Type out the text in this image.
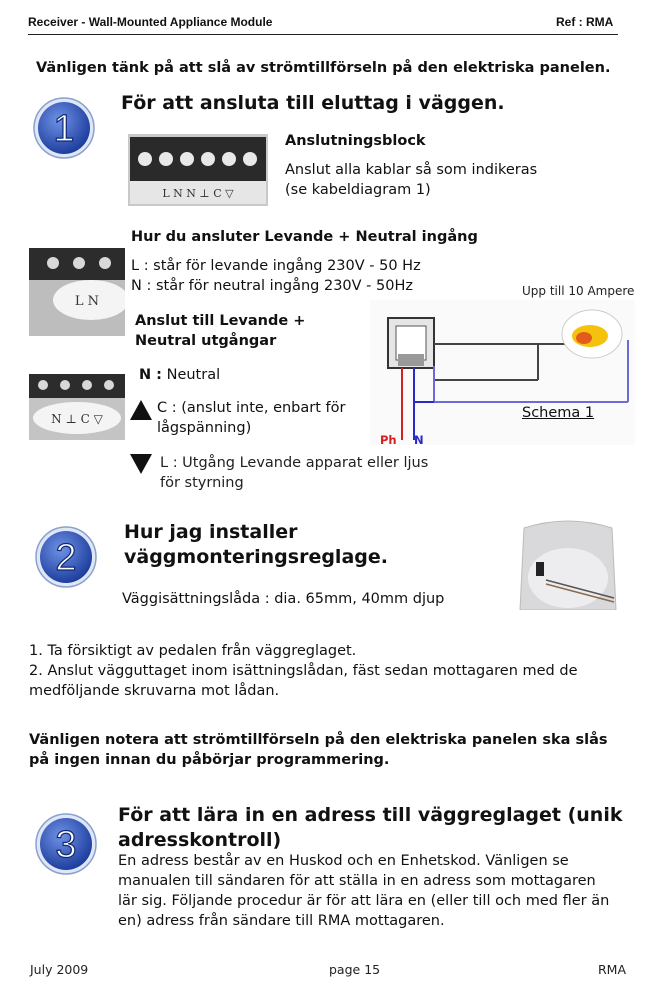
Receiver - Wall-Mounted Appliance Module	Ref : RMA
Vänligen tänk på att slå av strömtillförseln på den elektriska panelen.
1
För att ansluta till eluttag i väggen.
L N N ⊥ C ▽
Anslutningsblock
Anslut alla kablar så som indikeras
(se kabeldiagram 1)
Hur du ansluter Levande + Neutral ingång
L N
L : står för levande ingång 230V - 50 Hz
N : står för neutral ingång 230V - 50Hz
Anslut till Levande +
Neutral utgångar
N ⊥ C ▽
N : Neutral
C : (anslut inte, enbart för
lågspänning)
L : Utgång Levande apparat eller ljus
för styrning
Upp till 10 Ampere
Schema 1
Ph N
2
Hur jag installer
väggmonteringsreglage.
Väggisättningslåda : dia. 65mm, 40mm djup
1. Ta försiktigt av pedalen från väggreglaget.
2. Anslut vägguttaget inom isättningslådan, fäst sedan mottagaren med de
medföljande skruvarna mot lådan.
Vänligen notera att strömtillförseln på den elektriska panelen ska slås
på ingen innan du påbörjar programmering.
3
För att lära in en adress till väggreglaget (unik
adresskontroll)
En adress består av en Huskod och en Enhetskod. Vänligen se
manualen till sändaren för att ställa in en adress som mottagaren
lär sig. Följande procedur är för att lära en (eller till och med fler än
en) adress från sändare till RMA mottagaren.
July 2009	page 15	RMA
